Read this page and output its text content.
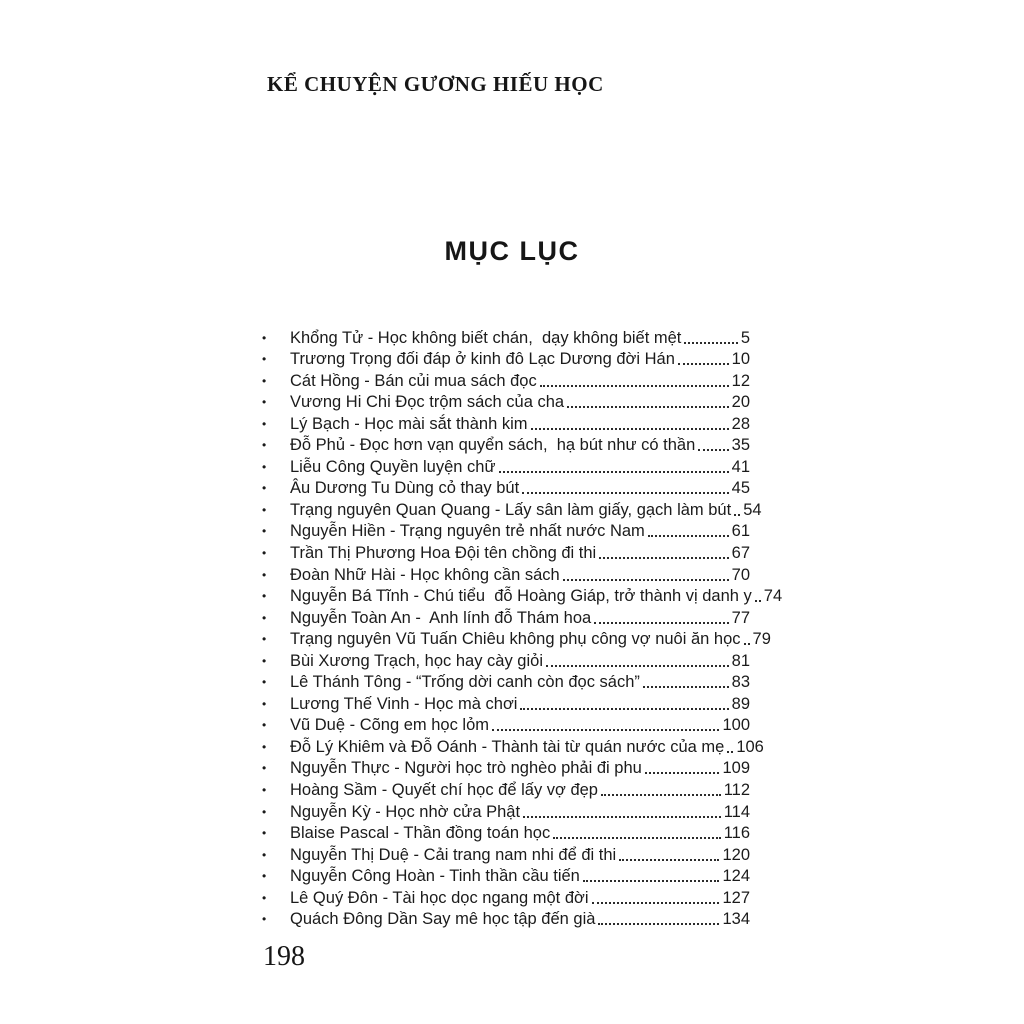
KỂ CHUYỆN GƯƠNG HIẾU HỌC
MỤC LỤC
•	Khổng Tử - Học không biết chán,  dạy không biết mệt	5
•	Trương Trọng đối đáp ở kinh đô Lạc Dương đời Hán	10
•	Cát Hồng - Bán củi mua sách đọc	12
•	Vương Hi Chi Đọc trộm sách của cha	20
•	Lý Bạch - Học mài sắt thành kim	28
•	Đỗ Phủ - Đọc hơn vạn quyển sách,  hạ bút như có thần 35
•	Liễu Công Quyền luyện chữ	41
•	Âu Dương Tu Dùng cỏ thay bút	45
•	Trạng nguyên Quan Quang - Lấy sân làm giấy, gạch làm bút 54
•	Nguyễn Hiền - Trạng nguyên trẻ nhất nước Nam	61
•	Trần Thị Phương Hoa Đội tên chồng đi thi	67
•	Đoàn Nhữ Hài - Học không cần sách	70
•	Nguyễn Bá Tĩnh - Chú tiểu  đỗ Hoàng Giáp, trở thành vị danh y 74
•	Nguyễn Toàn An -  Anh lính đỗ Thám hoa	77
•	Trạng nguyên Vũ Tuấn Chiêu không phụ công vợ nuôi ăn học 79
•	Bùi Xương Trạch, học hay cày giỏi	81
•	Lê Thánh Tông - “Trống dời canh còn đọc sách”	83
•	Lương Thế Vinh - Học mà chơi	89
•	Vũ Duệ - Cõng em học lỏm	100
•	Đỗ Lý Khiêm và Đỗ Oánh - Thành tài từ quán nước của mẹ 106
•	Nguyễn Thực - Người học trò nghèo phải đi phu	109
•	Hoàng Sầm - Quyết chí học để lấy vợ đẹp	112
•	Nguyễn Kỳ - Học nhờ cửa Phật	114
•	Blaise Pascal - Thần đồng toán học	116
•	Nguyễn Thị Duệ - Cải trang nam nhi để đi thi	120
•	Nguyễn Công Hoàn - Tinh thần cầu tiến	124
•	Lê Quý Đôn - Tài học dọc ngang một đời	127
•	Quách Đông Dần Say mê học tập đến già	134
198
